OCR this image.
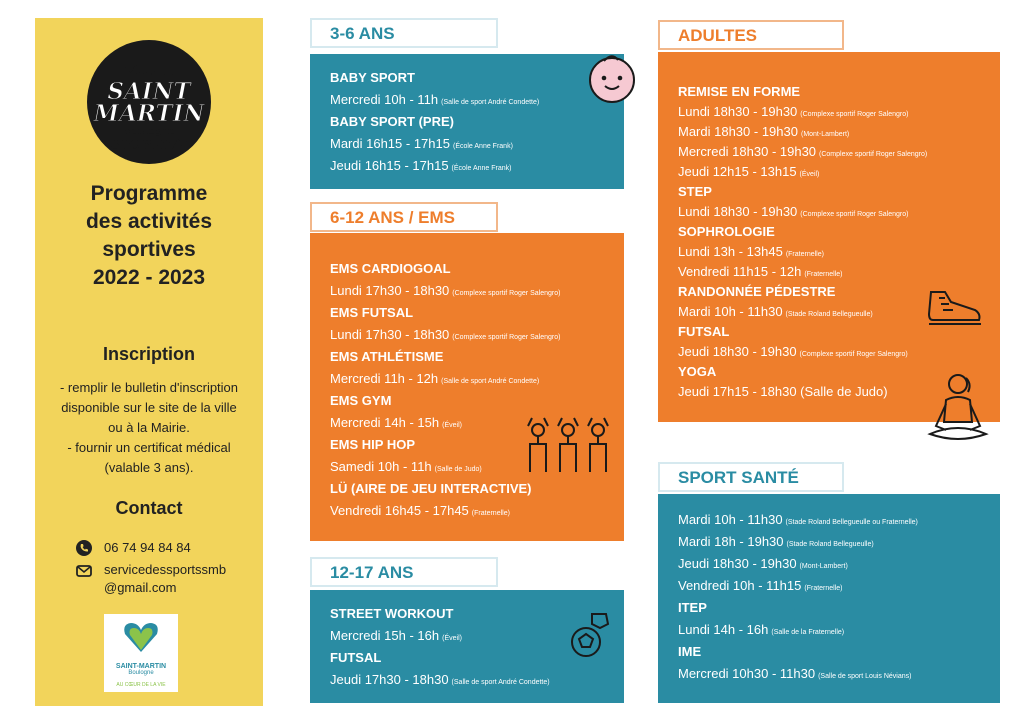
VILLE
SAINT
MARTIN
Boulogne
SPORTIVE
Programme
des activités
sportives
2022 - 2023
Inscription
- remplir le bulletin d'inscription
disponible sur le site de la ville
ou à la Mairie.
- fournir un certificat médical
(valable 3 ans).
Contact
06 74 94 84 84
servicedessportssmb
@gmail.com
SAINT-MARTIN
Boulogne
AU CŒUR DE LA VIE
3-6 ANS
BABY SPORT
Mercredi 10h - 11h (Salle de sport André Condette)
BABY SPORT (PRE)
Mardi 16h15 - 17h15 (École Anne Frank)
Jeudi 16h15 - 17h15 (École Anne Frank)
6-12 ANS / EMS
EMS CARDIOGOAL
Lundi 17h30 - 18h30 (Complexe sportif Roger Salengro)
EMS FUTSAL
Lundi 17h30 - 18h30 (Complexe sportif Roger Salengro)
EMS ATHLÉTISME
Mercredi 11h - 12h (Salle de sport André Condette)
EMS GYM
Mercredi 14h - 15h (Éveil)
EMS HIP HOP
Samedi 10h - 11h (Salle de Judo)
LÜ (AIRE DE JEU INTERACTIVE)
Vendredi 16h45 - 17h45 (Fraternelle)
12-17 ANS
STREET WORKOUT
Mercredi 15h - 16h (Éveil)
FUTSAL
Jeudi 17h30 - 18h30 (Salle de sport André Condette)
ADULTES
REMISE EN FORME
Lundi 18h30 - 19h30 (Complexe sportif Roger Salengro)
Mardi 18h30 - 19h30 (Mont-Lambert)
Mercredi 18h30 - 19h30 (Complexe sportif Roger Salengro)
Jeudi 12h15 - 13h15 (Éveil)
STEP
Lundi 18h30 - 19h30 (Complexe sportif Roger Salengro)
SOPHROLOGIE
Lundi 13h - 13h45 (Fraternelle)
Vendredi 11h15 - 12h (Fraternelle)
RANDONNÉE PÉDESTRE
Mardi 10h - 11h30 (Stade Roland Bellegueulle)
FUTSAL
Jeudi 18h30 - 19h30 (Complexe sportif Roger Salengro)
YOGA
Jeudi 17h15 - 18h30 (Salle de Judo)
SPORT SANTÉ
Mardi 10h - 11h30 (Stade Roland Bellegueulle ou Fraternelle)
Mardi 18h - 19h30 (Stade Roland Bellegueulle)
Jeudi 18h30 - 19h30 (Mont-Lambert)
Vendredi 10h - 11h15 (Fraternelle)
ITEP
Lundi 14h - 16h (Salle de la Fraternelle)
IME
Mercredi 10h30 - 11h30 (Salle de sport Louis Névians)
